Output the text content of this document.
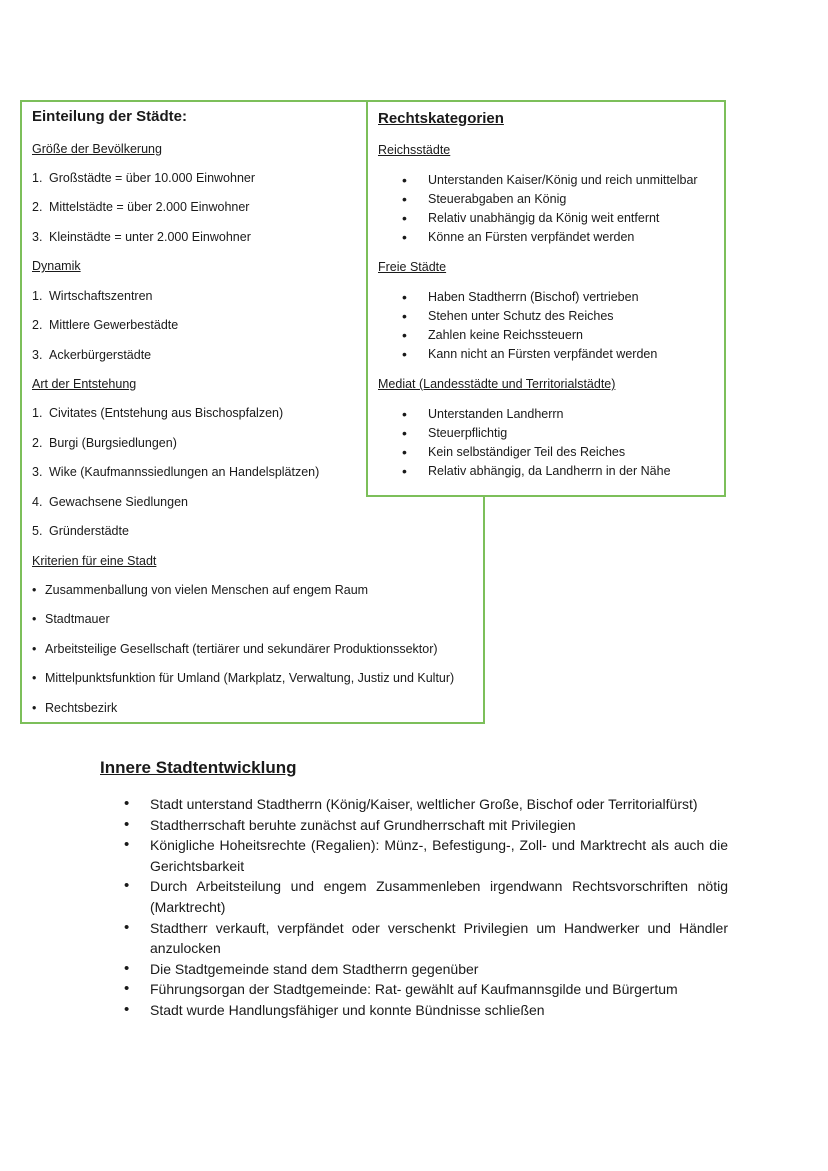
Einteilung der Städte:
Größe der Bevölkerung
1. Großstädte = über 10.000 Einwohner
2. Mittelstädte = über 2.000 Einwohner
3. Kleinstädte = unter 2.000 Einwohner
Dynamik
1. Wirtschaftszentren
2. Mittlere Gewerbestädte
3. Ackerbürgerstädte
Art der Entstehung
1. Civitates (Entstehung aus Bischospfalzen)
2. Burgi (Burgsiedlungen)
3. Wike (Kaufmannssiedlungen an Handelsplätzen)
4. Gewachsene Siedlungen
5. Gründerstädte
Kriterien für eine Stadt
• Zusammenballung von vielen Menschen auf engem Raum
• Stadtmauer
• Arbeitsteilige Gesellschaft (tertiärer und sekundärer Produktionssektor)
• Mittelpunktsfunktion für Umland (Markplatz, Verwaltung, Justiz und Kultur)
• Rechtsbezirk
Rechtskategorien
Reichsstädte
• Unterstanden Kaiser/König und reich unmittelbar
• Steuerabgaben an König
• Relativ unabhängig da König weit entfernt
• Könne an Fürsten verpfändet werden
Freie Städte
• Haben Stadtherrn (Bischof) vertrieben
• Stehen unter Schutz des Reiches
• Zahlen keine Reichssteuern
• Kann nicht an Fürsten verpfändet werden
Mediat (Landesstädte und Territorialstädte)
• Unterstanden Landherrn
• Steuerpflichtig
• Kein selbständiger Teil des Reiches
• Relativ abhängig, da Landherrn in der Nähe
Innere Stadtentwicklung
• Stadt unterstand Stadtherrn (König/Kaiser, weltlicher Große, Bischof oder Territorialfürst)
• Stadtherrschaft beruhte zunächst auf Grundherrschaft mit Privilegien
• Königliche Hoheitsrechte (Regalien): Münz-, Befestigung-, Zoll- und Marktrecht als auch die Gerichtsbarkeit
• Durch Arbeitsteilung und engem Zusammenleben irgendwann Rechtsvorschriften nötig (Marktrecht)
• Stadtherr verkauft, verpfändet oder verschenkt Privilegien um Handwerker und Händler anzulocken
• Die Stadtgemeinde stand dem Stadtherrn gegenüber
• Führungsorgan der Stadtgemeinde: Rat- gewählt auf Kaufmannsgilde und Bürgertum
• Stadt wurde Handlungsfähiger und konnte Bündnisse schließen
